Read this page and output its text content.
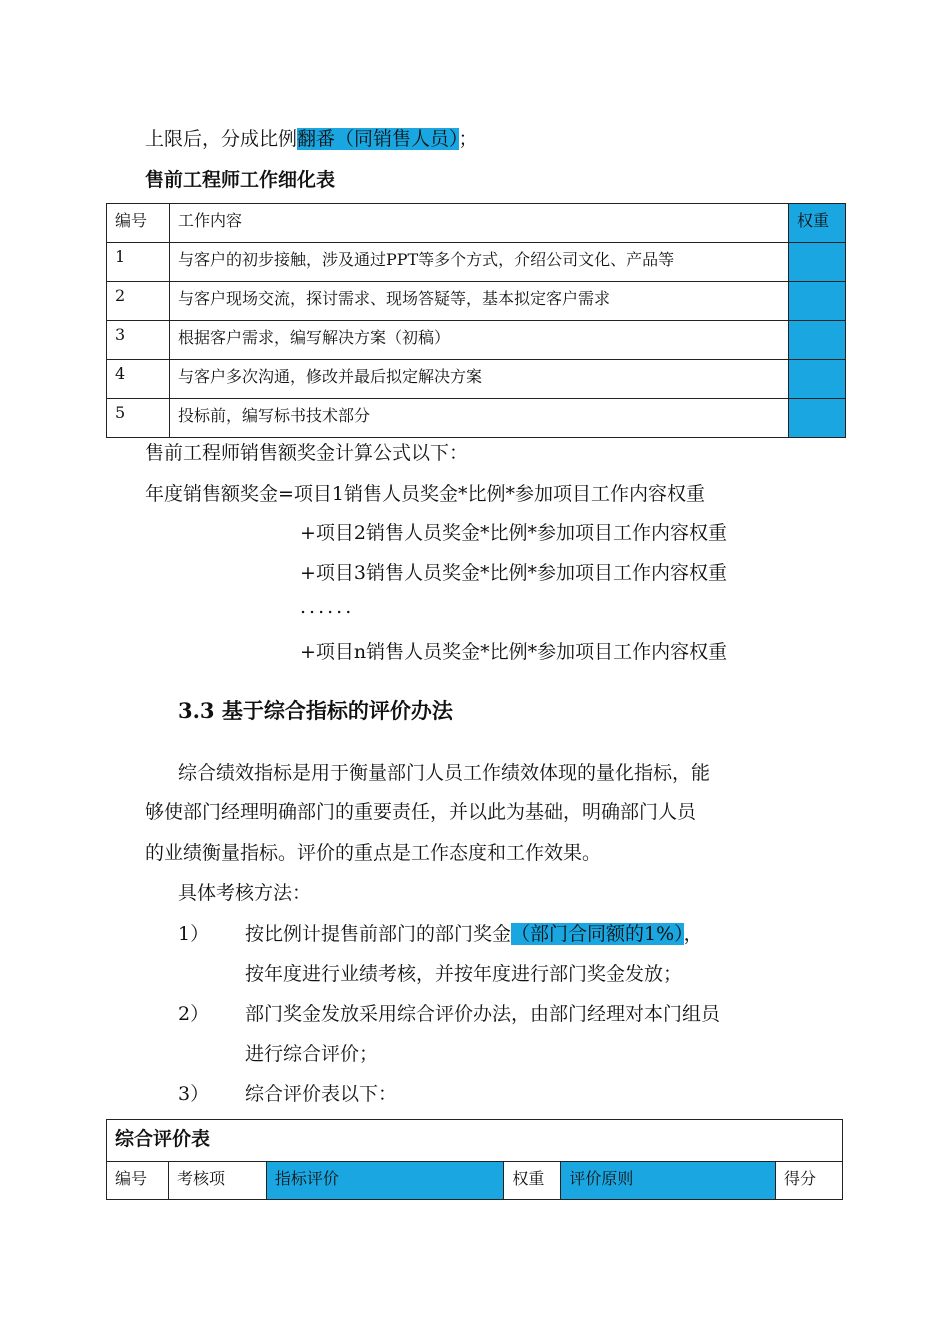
上限后，分成比例翻番（同销售人员）；
售前工程师工作细化表
编号	工作内容	权重
1	与客户的初步接触，涉及通过PPT等多个方式，介绍公司文化、产品等	
2	与客户现场交流，探讨需求、现场答疑等，基本拟定客户需求	
3	根据客户需求，编写解决方案（初稿）	
4	与客户多次沟通，修改并最后拟定解决方案	
5	投标前，编写标书技术部分	
售前工程师销售额奖金计算公式以下：
年度销售额奖金=项目1销售人员奖金*比例*参加项目工作内容权重
+项目2销售人员奖金*比例*参加项目工作内容权重
+项目3销售人员奖金*比例*参加项目工作内容权重
......
+项目n销售人员奖金*比例*参加项目工作内容权重
3.3 基于综合指标的评价办法
综合绩效指标是用于衡量部门人员工作绩效体现的量化指标，能
够使部门经理明确部门的重要责任，并以此为基础，明确部门人员
的业绩衡量指标。评价的重点是工作态度和工作效果。
具体考核方法：
1） 按比例计提售前部门的部门奖金（部门合同额的1%），
按年度进行业绩考核，并按年度进行部门奖金发放；
2） 部门奖金发放采用综合评价办法，由部门经理对本门组员
进行综合评价；
3） 综合评价表以下：
综合评价表
编号	考核项	指标评价	权重	评价原则	得分
